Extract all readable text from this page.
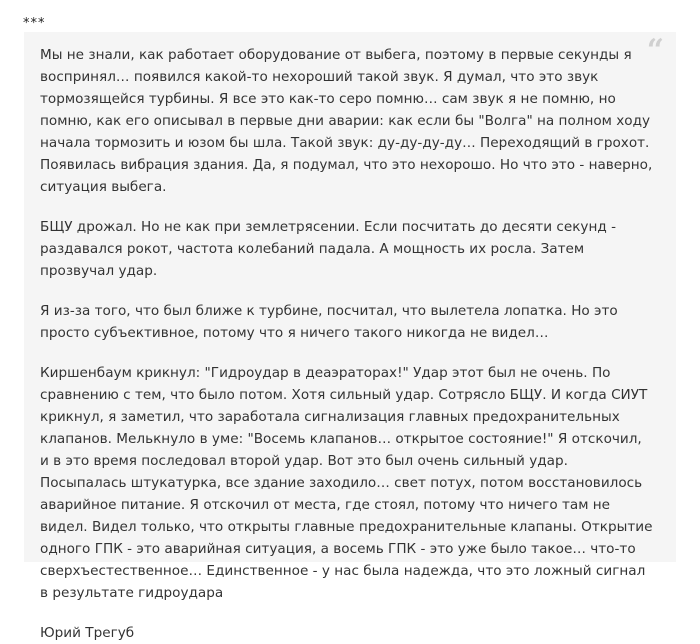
***
“

Мы не знали, как работает оборудование от выбега, поэтому в первые секунды я воспринял… появился какой-то нехороший такой звук. Я думал, что это звук тормозящейся турбины. Я все это как-то серо помню… сам звук я не помню, но помню, как его описывал в первые дни аварии: как если бы "Волга" на полном ходу начала тормозить и юзом бы шла. Такой звук: ду-ду-ду-ду… Переходящий в грохот. Появилась вибрация здания. Да, я подумал, что это нехорошо. Но что это - наверно, ситуация выбега.

БЩУ дрожал. Но не как при землетрясении. Если посчитать до десяти секунд - раздавался рокот, частота колебаний падала. А мощность их росла. Затем прозвучал удар.

Я из-за того, что был ближе к турбине, посчитал, что вылетела лопатка. Но это просто субъективное, потому что я ничего такого никогда не видел…

Киршенбаум крикнул: "Гидроудар в деаэраторах!" Удар этот был не очень. По сравнению с тем, что было потом. Хотя сильный удар. Сотрясло БЩУ. И когда СИУТ крикнул, я заметил, что заработала сигнализация главных предохранительных клапанов. Мелькнуло в уме: "Восемь клапанов… открытое состояние!" Я отскочил, и в это время последовал второй удар. Вот это был очень сильный удар. Посыпалась штукатурка, все здание заходило… свет потух, потом восстановилось аварийное питание. Я отскочил от места, где стоял, потому что ничего там не видел. Видел только, что открыты главные предохранительные клапаны. Открытие одного ГПК - это аварийная ситуация, а восемь ГПК - это уже было такое… что-то сверхъестественное… Единственное - у нас была надежда, что это ложный сигнал в результате гидроудара

Юрий Трегуб
